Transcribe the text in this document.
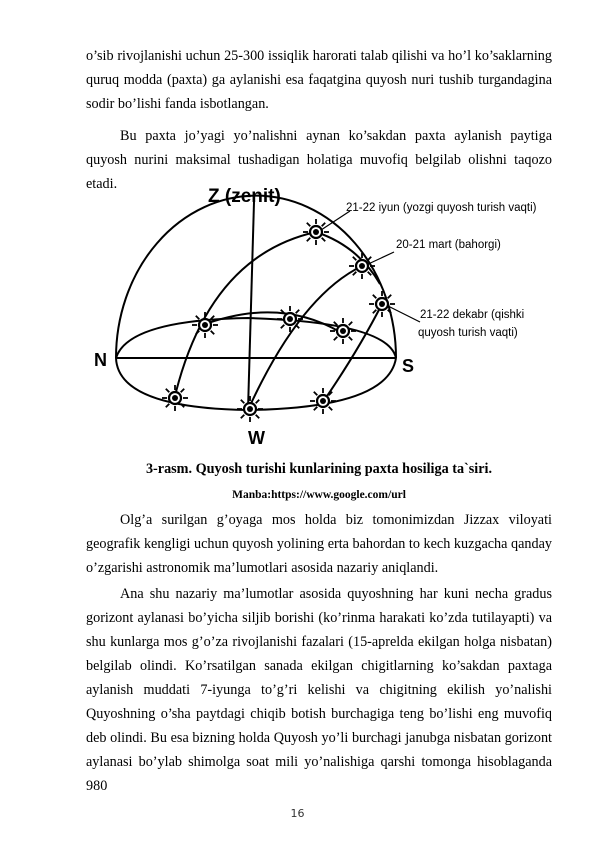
o’sib rivojlanishi uchun 25-300 issiqlik harorati talab qilishi va ho’l ko’saklarning quruq modda (paxta) ga aylanishi esa faqatgina quyosh nuri tushib turgandagina sodir bo’lishi fanda isbotlangan.

Bu paxta jo’yagi yo’nalishni aynan ko’sakdan paxta aylanish paytiga quyosh nurini maksimal tushadigan holatiga muvofiq belgilab olishni taqozo etadi.

Z (zenit)
N	S
W
21-22 iyun (yozgi quyosh turish vaqti)
20-21 mart (bahorgi)
21-22 dekabr (qishki
quyosh turish vaqti)

3-rasm. Quyosh turishi kunlarining paxta hosiliga ta`siri.

Manba:https://www.google.com/url

Olg’a surilgan g’oyaga mos holda biz tomonimizdan Jizzax viloyati geografik kengligi uchun quyosh yolining erta bahordan to kech kuzgacha qanday o’zgarishi astronomik ma’lumotlari asosida nazariy aniqlandi.

Ana shu nazariy ma’lumotlar asosida quyoshning har kuni necha gradus gorizont aylanasi bo’yicha siljib borishi (ko’rinma harakati ko’zda tutilayapti) va shu kunlarga mos g’o’za rivojlanishi fazalari (15-aprelda ekilgan holga nisbatan) belgilab olindi. Ko’rsatilgan sanada ekilgan chigitlarning ko’sakdan paxtaga aylanish muddati 7-iyunga to’g’ri kelishi va chigitning ekilish yo’nalishi Quyoshning o’sha paytdagi chiqib botish burchagiga teng bo’lishi eng muvofiq deb olindi. Bu esa bizning holda Quyosh yo’li burchagi janubga nisbatan gorizont aylanasi bo’ylab shimolga soat mili yo’nalishiga qarshi tomonga hisoblaganda 980

16
